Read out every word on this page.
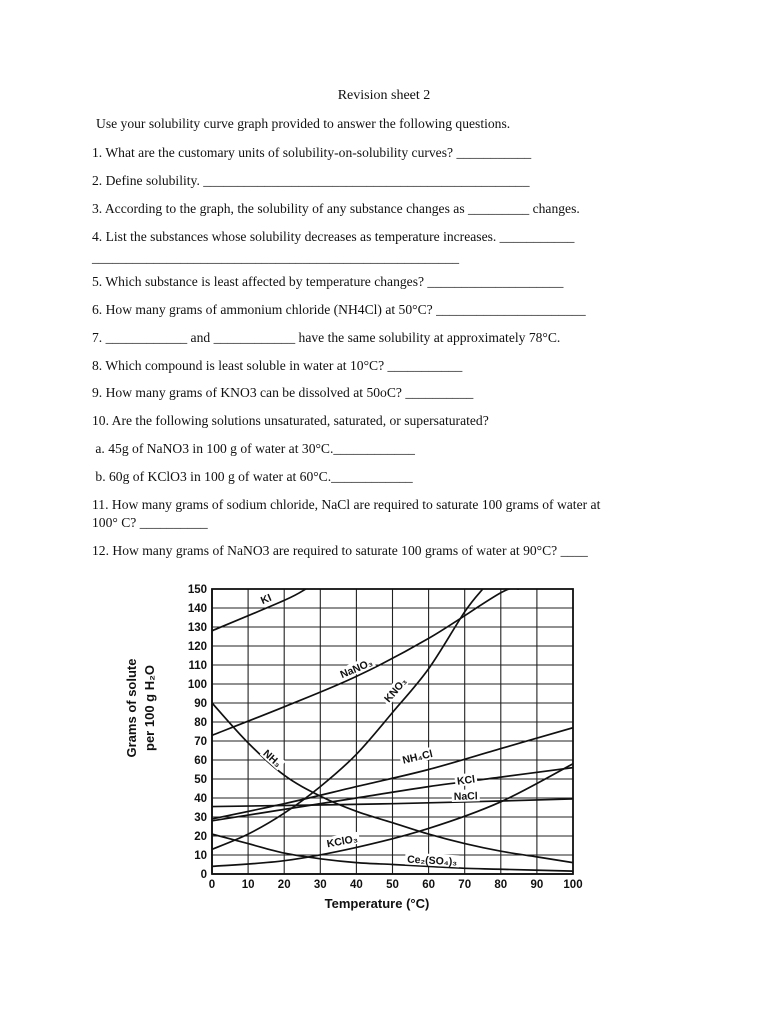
Revision sheet 2
Use your solubility curve graph provided to answer the following questions.
1. What are the customary units of solubility-on-solubility curves? ___________
2. Define solubility. ________________________________________________
3. According to the graph, the solubility of any substance changes as _________ changes.
4. List the substances whose solubility decreases as temperature increases. ___________
______________________________________________________
5. Which substance is least affected by temperature changes? ____________________
6. How many grams of ammonium chloride (NH4Cl) at 50°C? ______________________
7. ____________ and ____________ have the same solubility at approximately 78°C.
8. Which compound is least soluble in water at 10°C? ___________
9. How many grams of KNO3 can be dissolved at 50oC? __________
10. Are the following solutions unsaturated, saturated, or supersaturated?
a. 45g of NaNO3 in 100 g of water at 30°C.____________
b. 60g of KClO3 in 100 g of water at 60°C.____________
11. How many grams of sodium chloride, NaCl are required to saturate 100 grams of water at
100° C? __________
12. How many grams of NaNO3 are required to saturate 100 grams of water at 90°C? ____
KI
NaNO₃
KNO₃
NH₃	NH₄Cl
KCl
NaCl
KClO₃
Ce₂(SO₄)₃
0 10 20 30 40 50 60 70 80 90 100
0
10
20
30
40
50
60
70
80
90
100
110
120
130
140
150
Temperature (°C)
Grams of solute per 100 g H₂O
